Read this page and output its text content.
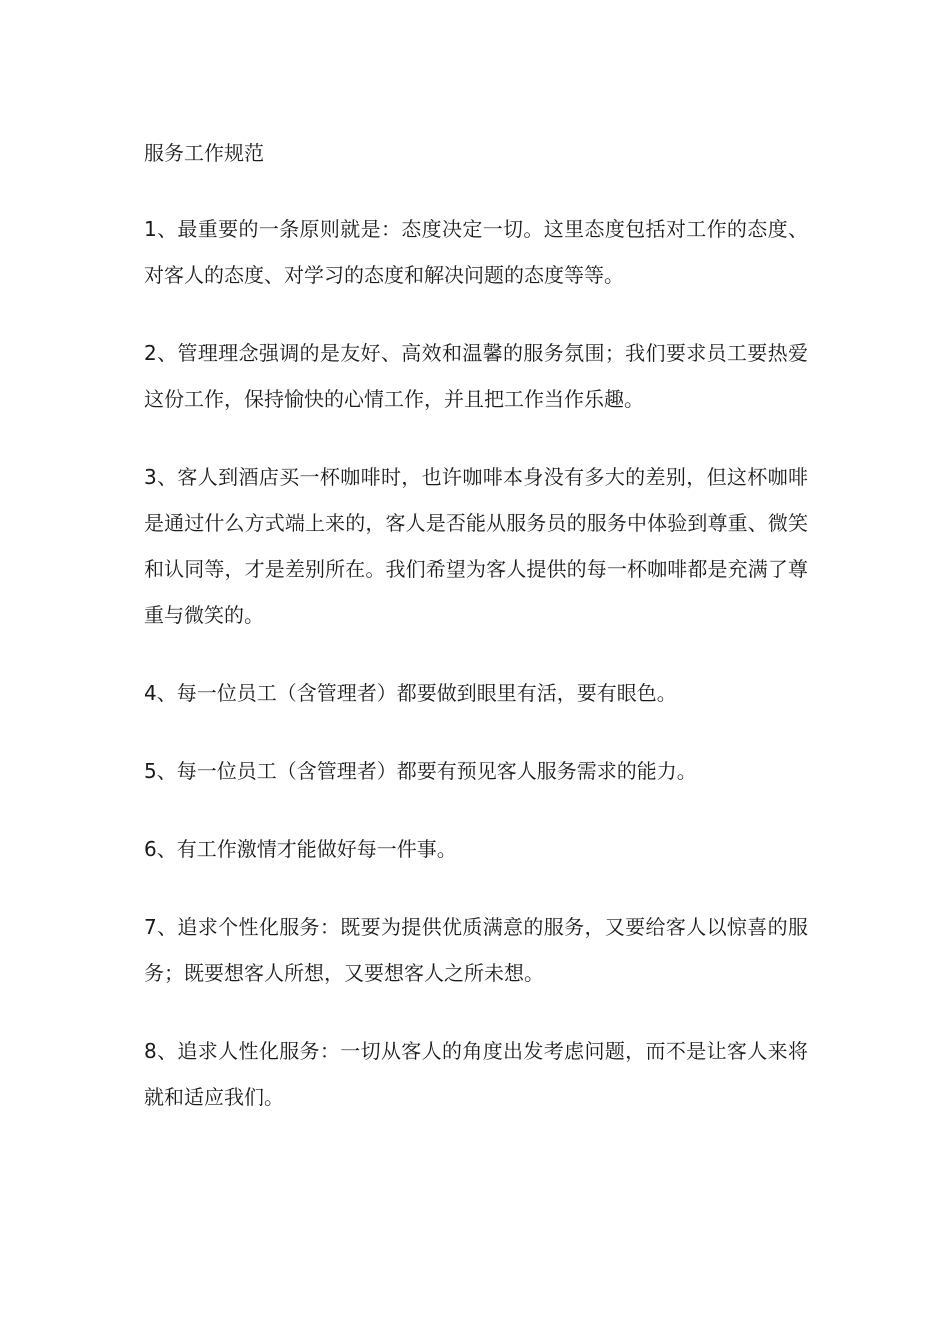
服务工作规范

1、最重要的一条原则就是：态度决定一切。这里态度包括对工作的态度、对客人的态度、对学习的态度和解决问题的态度等等。

2、管理理念强调的是友好、高效和温馨的服务氛围；我们要求员工要热爱这份工作，保持愉快的心情工作，并且把工作当作乐趣。

3、客人到酒店买一杯咖啡时，也许咖啡本身没有多大的差别，但这杯咖啡是通过什么方式端上来的，客人是否能从服务员的服务中体验到尊重、微笑和认同等，才是差别所在。我们希望为客人提供的每一杯咖啡都是充满了尊重与微笑的。

4、每一位员工（含管理者）都要做到眼里有活，要有眼色。

5、每一位员工（含管理者）都要有预见客人服务需求的能力。

6、有工作激情才能做好每一件事。

7、追求个性化服务：既要为提供优质满意的服务，又要给客人以惊喜的服务；既要想客人所想，又要想客人之所未想。

8、追求人性化服务：一切从客人的角度出发考虑问题，而不是让客人来将就和适应我们。
